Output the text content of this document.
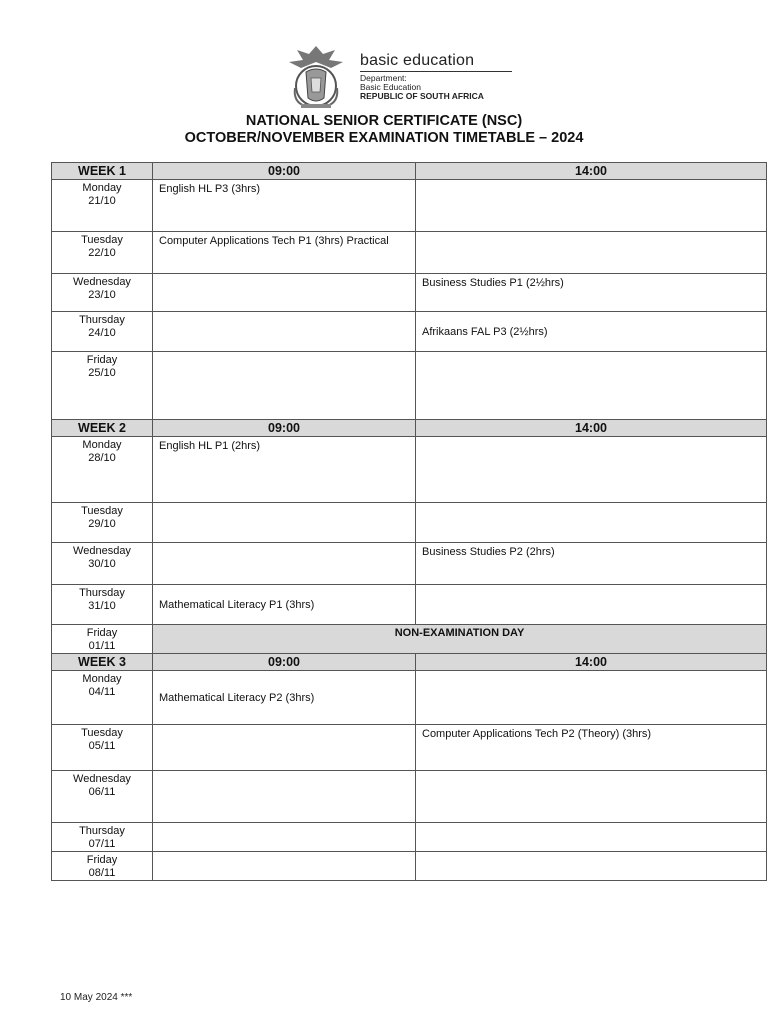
basic education
Department:
Basic Education
REPUBLIC OF SOUTH AFRICA
NATIONAL SENIOR CERTIFICATE (NSC)
OCTOBER/NOVEMBER EXAMINATION TIMETABLE – 2024
WEEK 1	09:00	14:00

Monday
21/10	English HL P3 (3hrs)	

Tuesday
22/10	Computer Applications Tech P1 (3hrs) Practical	

Wednesday
23/10		Business Studies P1 (2½hrs)

Thursday
24/10		Afrikaans FAL P3 (2½hrs)

Friday
25/10		

WEEK 2	09:00	14:00

Monday
28/10	English HL P1 (2hrs)	

Tuesday
29/10		

Wednesday
30/10		Business Studies P2 (2hrs)

Thursday
31/10	Mathematical Literacy P1 (3hrs)	

Friday
01/11	NON-EXAMINATION DAY	
WEEK 3	09:00	14:00

Monday
04/11	Mathematical Literacy P2 (3hrs)	

Tuesday
05/11		Computer Applications Tech P2 (Theory) (3hrs)

Wednesday
06/11		

Thursday
07/11		

Friday
08/11		

10 May 2024 ***
